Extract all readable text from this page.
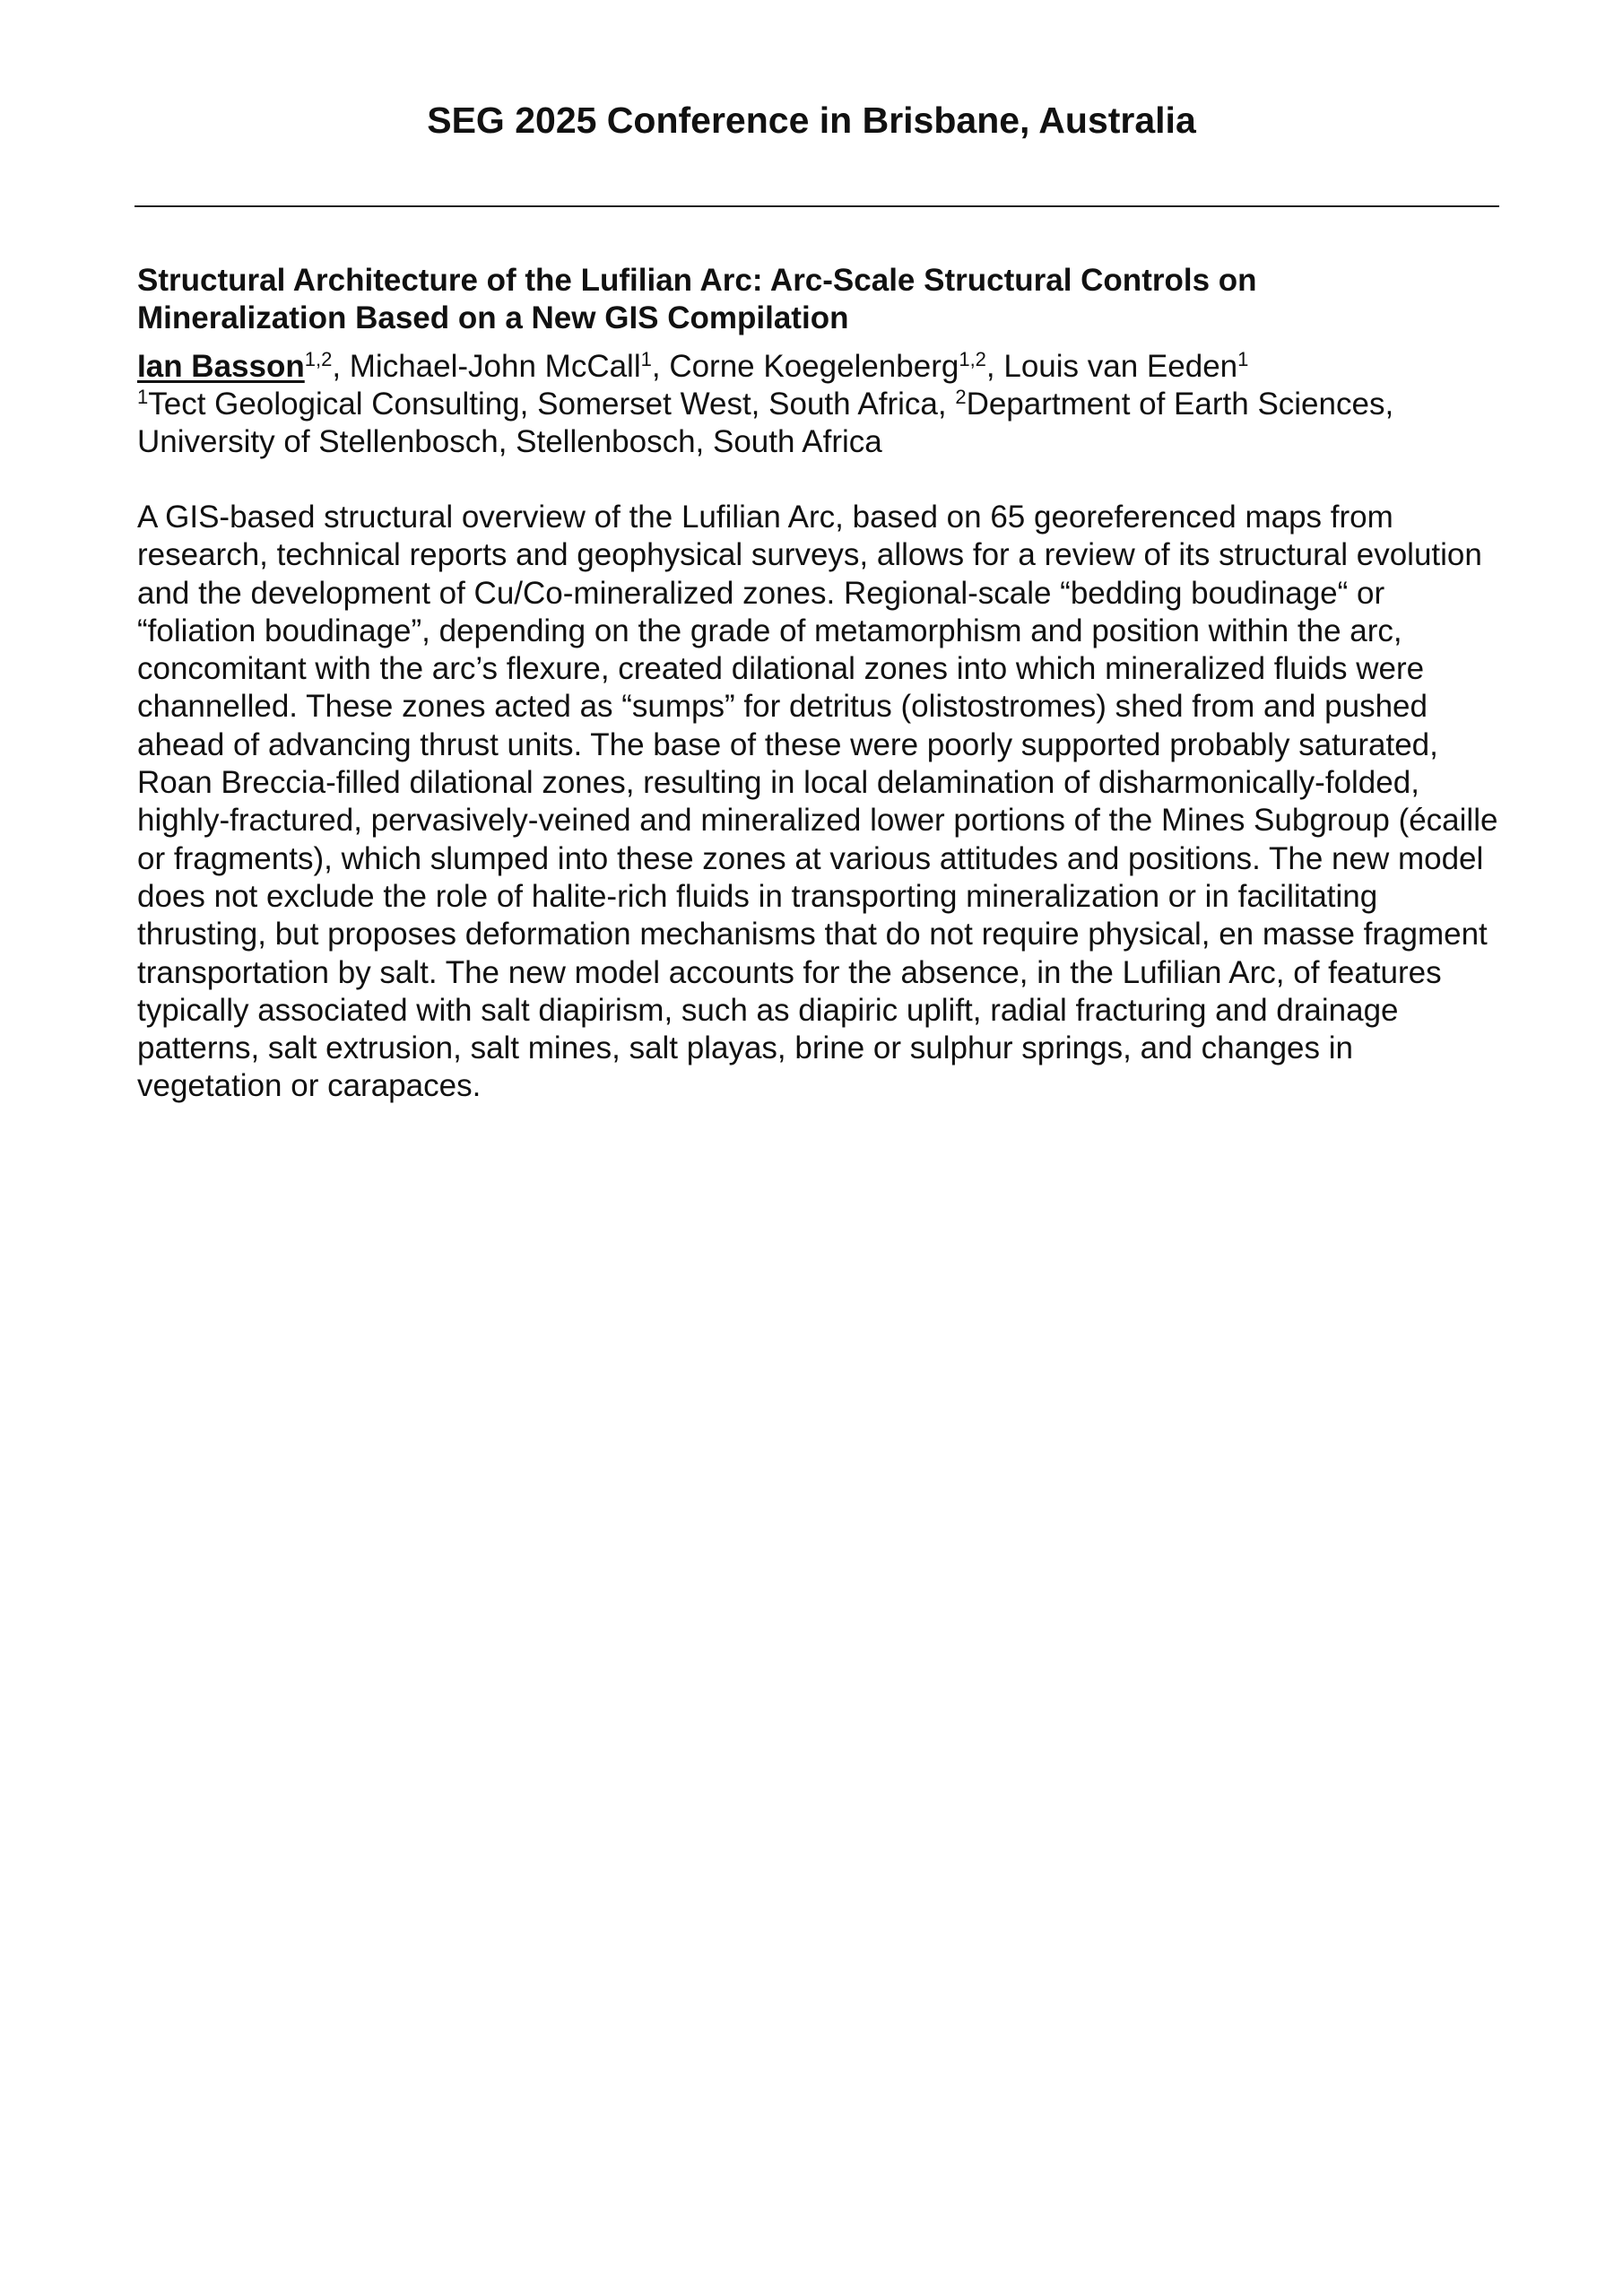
SEG 2025 Conference in Brisbane, Australia
Structural Architecture of the Lufilian Arc: Arc-Scale Structural Controls on Mineralization Based on a New GIS Compilation
Ian Basson$^{1,2}$, Michael-John McCall$^1$, Corne Koegelenberg$^{1,2}$, Louis van Eeden$^1$
$^1$Tect Geological Consulting, Somerset West, South Africa, $^2$Department of Earth Sciences, University of Stellenbosch, Stellenbosch, South Africa

A GIS-based structural overview of the Lufilian Arc, based on 65 georeferenced maps from research, technical reports and geophysical surveys, allows for a review of its structural evolution and the development of Cu/Co-mineralized zones. Regional-scale “bedding boudinage“ or “foliation boudinage”, depending on the grade of metamorphism and position within the arc, concomitant with the arc’s flexure, created dilational zones into which mineralized fluids were channelled. These zones acted as “sumps” for detritus (olistostromes) shed from and pushed ahead of advancing thrust units. The base of these were poorly supported probably saturated, Roan Breccia-filled dilational zones, resulting in local delamination of disharmonically-folded, highly-fractured, pervasively-veined and mineralized lower portions of the Mines Subgroup (écaille or fragments), which slumped into these zones at various attitudes and positions. The new model does not exclude the role of halite-rich fluids in transporting mineralization or in facilitating thrusting, but proposes deformation mechanisms that do not require physical, en masse fragment transportation by salt. The new model accounts for the absence, in the Lufilian Arc, of features typically associated with salt diapirism, such as diapiric uplift, radial fracturing and drainage patterns, salt extrusion, salt mines, salt playas, brine or sulphur springs, and changes in vegetation or carapaces.
